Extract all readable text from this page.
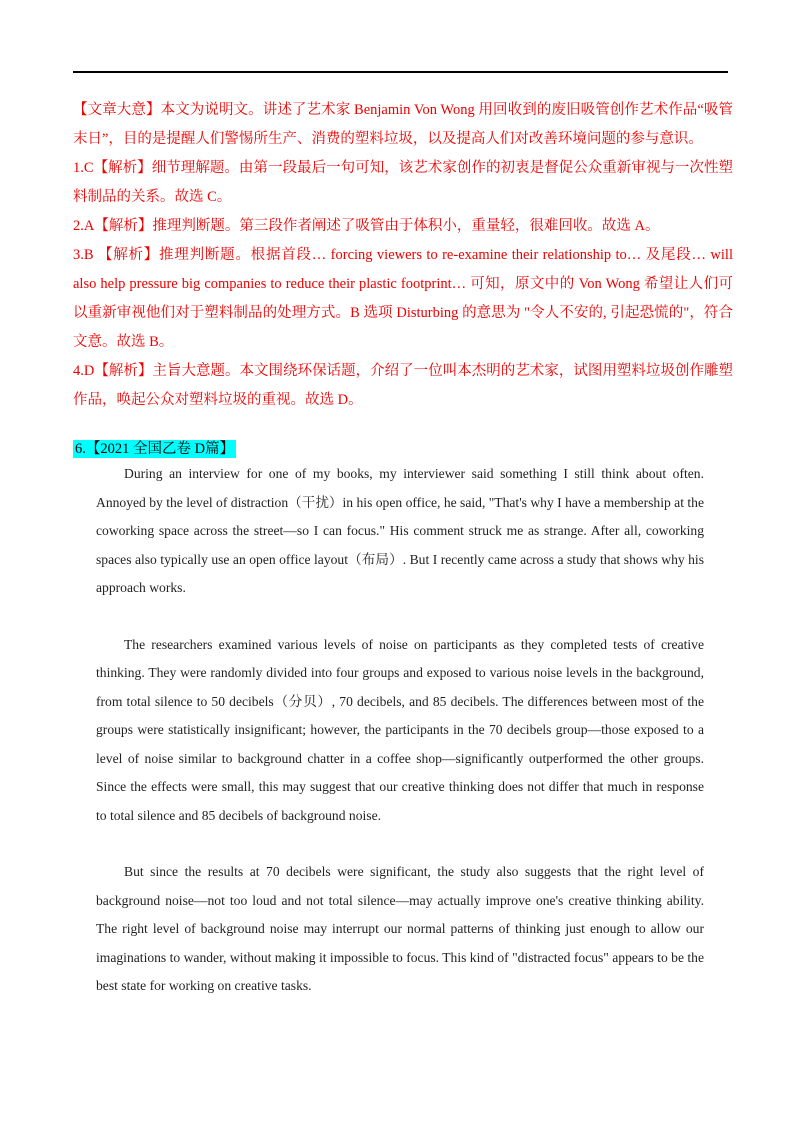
【文章大意】本文为说明文。讲述了艺术家 Benjamin Von Wong 用回收到的废旧吸管创作艺术作品“吸管末日”，目的是提醒人们警惕所生产、消费的塑料垃圾，以及提高人们对改善环境问题的参与意识。

1.C【解析】细节理解题。由第一段最后一句可知，该艺术家创作的初衷是督促公众重新审视与一次性塑料制品的关系。故选 C。

2.A【解析】推理判断题。第三段作者阐述了吸管由于体积小，重量轻，很难回收。故选 A。

3.B 【解析】推理判断题。根据首段… forcing viewers to re-examine their relationship to… 及尾段… will also help pressure big companies to reduce their plastic footprint… 可知，原文中的 Von Wong 希望让人们可以重新审视他们对于塑料制品的处理方式。B 选项 Disturbing 的意思为 "令人不安的, 引起恐慌的"，符合文意。故选 B。

4.D【解析】主旨大意题。本文围绕环保话题，介绍了一位叫本杰明的艺术家，试图用塑料垃圾创作雕塑作品，唤起公众对塑料垃圾的重视。故选 D。

6.【2021 全国乙卷 D篇】

During an interview for one of my books, my interviewer said something I still think about often. Annoyed by the level of distraction（干扰）in his open office, he said, "That's why I have a membership at the coworking space across the street—so I can focus." His comment struck me as strange. After all, coworking spaces also typically use an open office layout（布局）. But I recently came across a study that shows why his approach works.

The researchers examined various levels of noise on participants as they completed tests of creative thinking. They were randomly divided into four groups and exposed to various noise levels in the background, from total silence to 50 decibels（分贝）, 70 decibels, and 85 decibels. The differences between most of the groups were statistically insignificant; however, the participants in the 70 decibels group—those exposed to a level of noise similar to background chatter in a coffee shop—significantly outperformed the other groups. Since the effects were small, this may suggest that our creative thinking does not differ that much in response to total silence and 85 decibels of background noise.

But since the results at 70 decibels were significant, the study also suggests that the right level of background noise—not too loud and not total silence—may actually improve one's creative thinking ability. The right level of background noise may interrupt our normal patterns of thinking just enough to allow our imaginations to wander, without making it impossible to focus. This kind of "distracted focus" appears to be the best state for working on creative tasks.
